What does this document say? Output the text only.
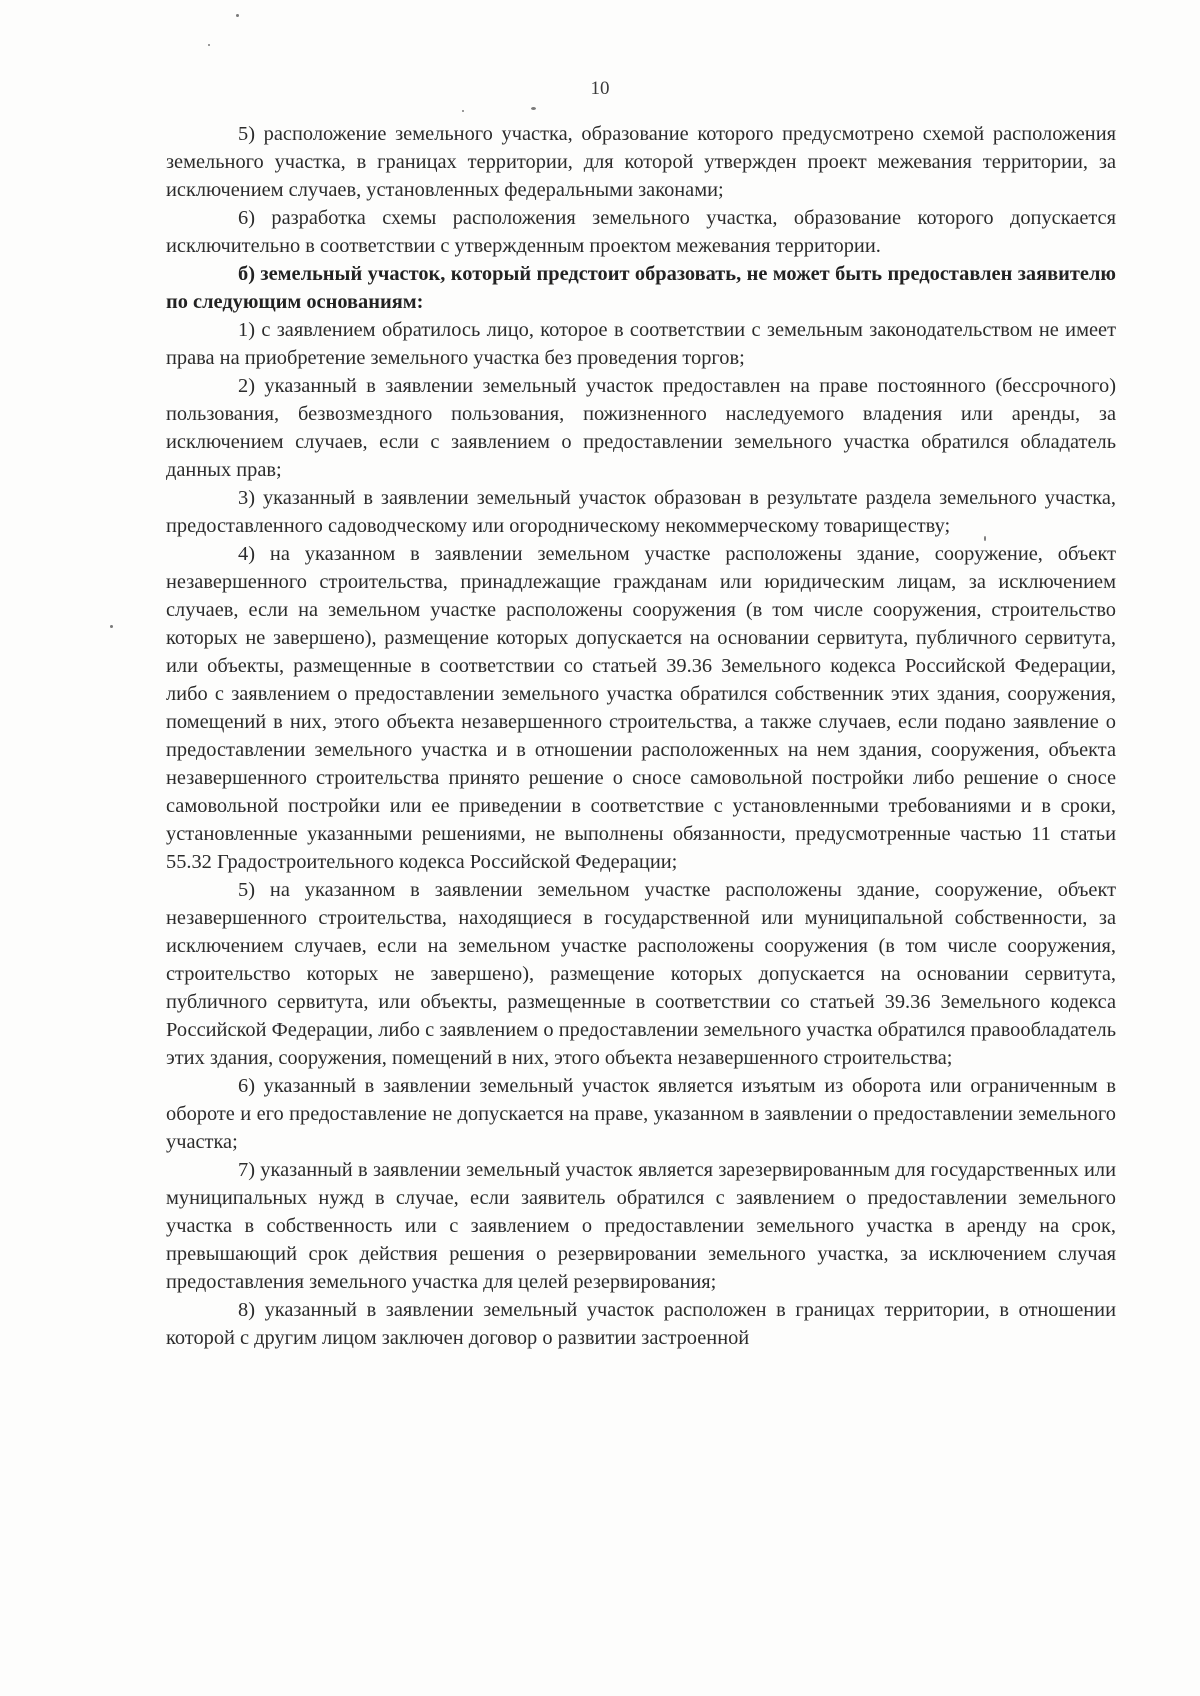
10

5) расположение земельного участка, образование которого предусмотрено схемой расположения земельного участка, в границах территории, для которой утвержден проект межевания территории, за исключением случаев, установленных федеральными законами;

6) разработка схемы расположения земельного участка, образование которого допускается исключительно в соответствии с утвержденным проектом межевания территории.

б) земельный участок, который предстоит образовать, не может быть предоставлен заявителю по следующим основаниям:

1) с заявлением обратилось лицо, которое в соответствии с земельным законодательством не имеет права на приобретение земельного участка без проведения торгов;

2) указанный в заявлении земельный участок предоставлен на праве постоянного (бессрочного) пользования, безвозмездного пользования, пожизненного наследуемого владения или аренды, за исключением случаев, если с заявлением о предоставлении земельного участка обратился обладатель данных прав;

3) указанный в заявлении земельный участок образован в результате раздела земельного участка, предоставленного садоводческому или огородническому некоммерческому товариществу;

4) на указанном в заявлении земельном участке расположены здание, сооружение, объект незавершенного строительства, принадлежащие гражданам или юридическим лицам, за исключением случаев, если на земельном участке расположены сооружения (в том числе сооружения, строительство которых не завершено), размещение которых допускается на основании сервитута, публичного сервитута, или объекты, размещенные в соответствии со статьей 39.36 Земельного кодекса Российской Федерации, либо с заявлением о предоставлении земельного участка обратился собственник этих здания, сооружения, помещений в них, этого объекта незавершенного строительства, а также случаев, если подано заявление о предоставлении земельного участка и в отношении расположенных на нем здания, сооружения, объекта незавершенного строительства принято решение о сносе самовольной постройки либо решение о сносе самовольной постройки или ее приведении в соответствие с установленными требованиями и в сроки, установленные указанными решениями, не выполнены обязанности, предусмотренные частью 11 статьи 55.32 Градостроительного кодекса Российской Федерации;

5) на указанном в заявлении земельном участке расположены здание, сооружение, объект незавершенного строительства, находящиеся в государственной или муниципальной собственности, за исключением случаев, если на земельном участке расположены сооружения (в том числе сооружения, строительство которых не завершено), размещение которых допускается на основании сервитута, публичного сервитута, или объекты, размещенные в соответствии со статьей 39.36 Земельного кодекса Российской Федерации, либо с заявлением о предоставлении земельного участка обратился правообладатель этих здания, сооружения, помещений в них, этого объекта незавершенного строительства;

6) указанный в заявлении земельный участок является изъятым из оборота или ограниченным в обороте и его предоставление не допускается на праве, указанном в заявлении о предоставлении земельного участка;

7) указанный в заявлении земельный участок является зарезервированным для государственных или муниципальных нужд в случае, если заявитель обратился с заявлением о предоставлении земельного участка в собственность или с заявлением о предоставлении земельного участка в аренду на срок, превышающий срок действия решения о резервировании земельного участка, за исключением случая предоставления земельного участка для целей резервирования;

8) указанный в заявлении земельный участок расположен в границах территории, в отношении которой с другим лицом заключен договор о развитии застроенной
